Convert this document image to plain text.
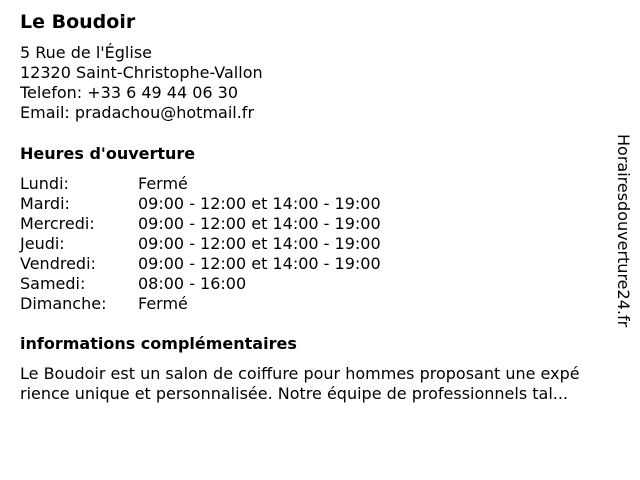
Le Boudoir
5 Rue de l'Église
12320 Saint-Christophe-Vallon
Telefon: +33 6 49 44 06 30
Email: pradachou@hotmail.fr
Heures d'ouverture
Lundi:	Fermé
Mardi:	09:00 - 12:00 et 14:00 - 19:00
Mercredi:	09:00 - 12:00 et 14:00 - 19:00
Jeudi:	09:00 - 12:00 et 14:00 - 19:00
Vendredi:	09:00 - 12:00 et 14:00 - 19:00
Samedi:	08:00 - 16:00
Dimanche: Fermé
informations complémentaires
Le Boudoir est un salon de coiffure pour hommes proposant une expé
rience unique et personnalisée. Notre équipe de professionnels tal...
Horairesdouverture24.fr
